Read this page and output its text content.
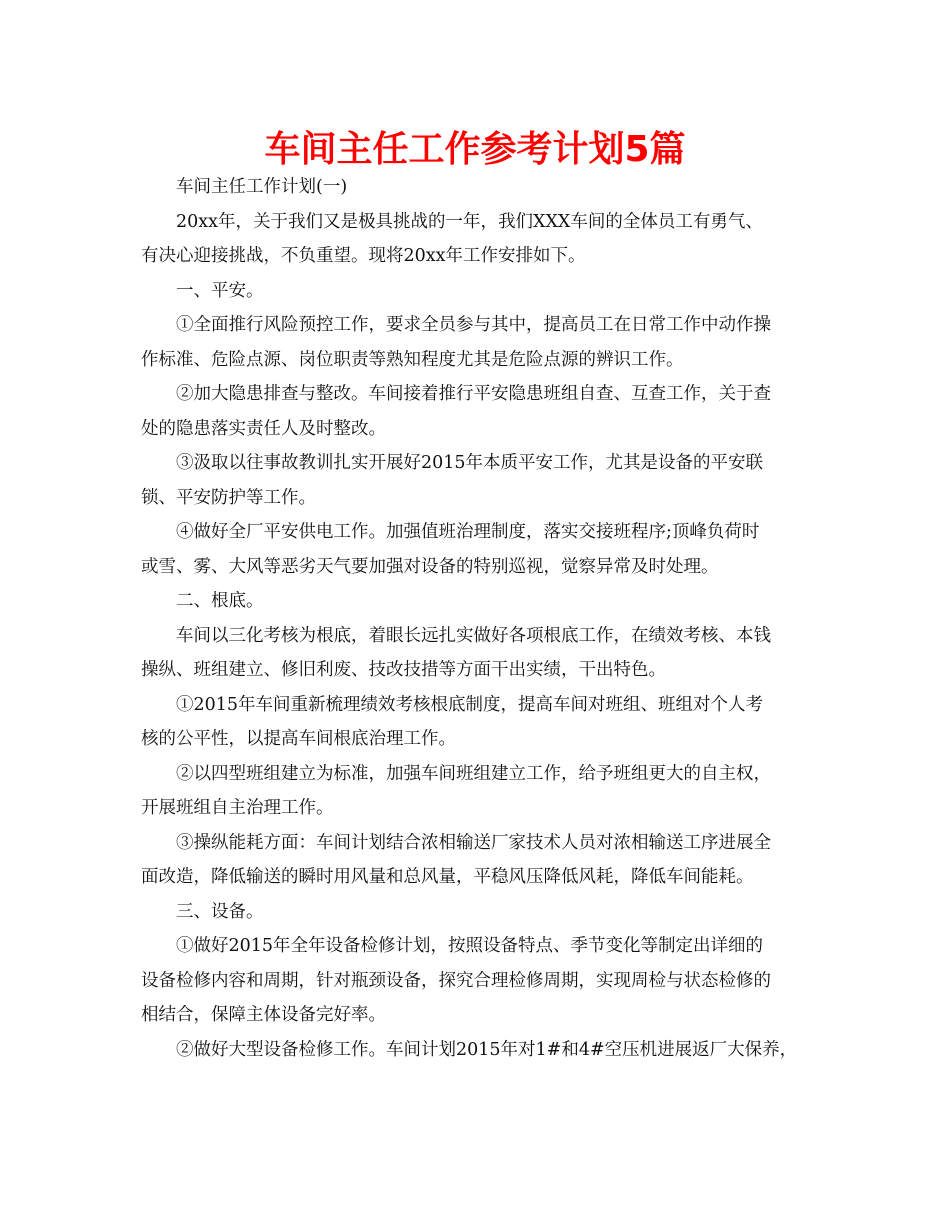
车间主任工作参考计划5篇
车间主任工作计划(一)
20xx年，关于我们又是极具挑战的一年，我们XXX车间的全体员工有勇气、
有决心迎接挑战，不负重望。现将20xx年工作安排如下。
一、平安。
①全面推行风险预控工作，要求全员参与其中，提高员工在日常工作中动作操
作标准、危险点源、岗位职责等熟知程度尤其是危险点源的辨识工作。
②加大隐患排查与整改。车间接着推行平安隐患班组自查、互查工作，关于查
处的隐患落实责任人及时整改。
③汲取以往事故教训扎实开展好2015年本质平安工作，尤其是设备的平安联
锁、平安防护等工作。
④做好全厂平安供电工作。加强值班治理制度，落实交接班程序;顶峰负荷时
或雪、雾、大风等恶劣天气要加强对设备的特别巡视，觉察异常及时处理。
二、根底。
车间以三化考核为根底，着眼长远扎实做好各项根底工作，在绩效考核、本钱
操纵、班组建立、修旧利废、技改技措等方面干出实绩，干出特色。
①2015年车间重新梳理绩效考核根底制度，提高车间对班组、班组对个人考
核的公平性，以提高车间根底治理工作。
②以四型班组建立为标准，加强车间班组建立工作，给予班组更大的自主权，
开展班组自主治理工作。
③操纵能耗方面：车间计划结合浓相输送厂家技术人员对浓相输送工序进展全
面改造，降低输送的瞬时用风量和总风量，平稳风压降低风耗，降低车间能耗。
三、设备。
①做好2015年全年设备检修计划，按照设备特点、季节变化等制定出详细的
设备检修内容和周期，针对瓶颈设备，探究合理检修周期，实现周检与状态检修的
相结合，保障主体设备完好率。
②做好大型设备检修工作。车间计划2015年对1#和4#空压机进展返厂大保养，
